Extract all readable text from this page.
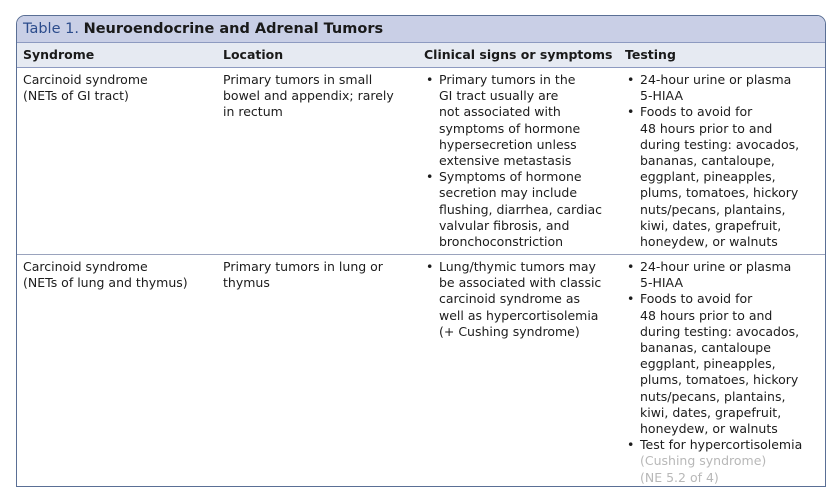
Table 1. Neuroendocrine and Adrenal Tumors
Syndrome	Location	Clinical signs or symptoms Testing
Carcinoid syndrome
(NETs of GI tract)
Primary tumors in small
bowel and appendix; rarely
in rectum
• Primary tumors in the
GI tract usually are
not associated with
symptoms of hormone
hypersecretion unless
extensive metastasis
• Symptoms of hormone
secretion may include
flushing, diarrhea, cardiac
valvular fibrosis, and
bronchoconstriction
• 24-hour urine or plasma
5-HIAA
• Foods to avoid for
48 hours prior to and
during testing: avocados,
bananas, cantaloupe,
eggplant, pineapples,
plums, tomatoes, hickory
nuts/pecans, plantains,
kiwi, dates, grapefruit,
honeydew, or walnuts
Carcinoid syndrome
(NETs of lung and thymus)
Primary tumors in lung or
thymus
• Lung/thymic tumors may
be associated with classic
carcinoid syndrome as
well as hypercortisolemia
(+ Cushing syndrome)
• 24-hour urine or plasma
5-HIAA
• Foods to avoid for
48 hours prior to and
during testing: avocados,
bananas, cantaloupe
eggplant, pineapples,
plums, tomatoes, hickory
nuts/pecans, plantains,
kiwi, dates, grapefruit,
honeydew, or walnuts
• Test for hypercortisolemia
(Cushing syndrome)
(NE 5.2 of 4)
